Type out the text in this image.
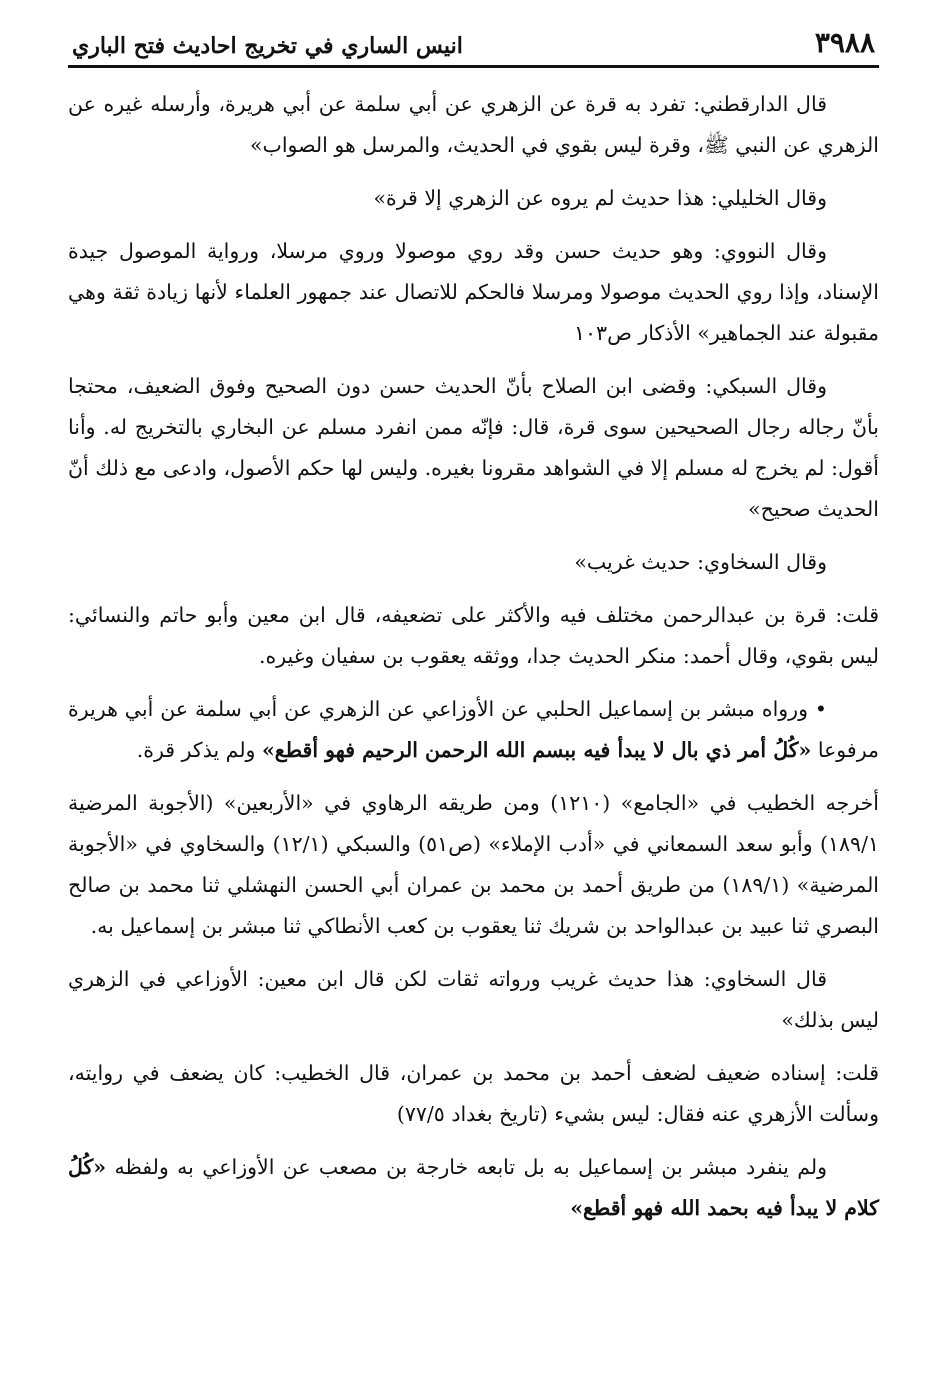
٣٩٨٨
انيس الساري في تخريج احاديث فتح الباري

قال الدارقطني: تفرد به قرة عن الزهري عن أبي سلمة عن أبي هريرة، وأرسله غيره عن الزهري عن النبي ﷺ، وقرة ليس بقوي في الحديث، والمرسل هو الصواب»

وقال الخليلي: هذا حديث لم يروه عن الزهري إلا قرة»

وقال النووي: وهو حديث حسن وقد روي موصولا وروي مرسلا، ورواية الموصول جيدة الإسناد، وإذا روي الحديث موصولا ومرسلا فالحكم للاتصال عند جمهور العلماء لأنها زيادة ثقة وهي مقبولة عند الجماهير» الأذكار ص١٠٣

وقال السبكي: وقضى ابن الصلاح بأنّ الحديث حسن دون الصحيح وفوق الضعيف، محتجا بأنّ رجاله رجال الصحيحين سوى قرة، قال: فإنّه ممن انفرد مسلم عن البخاري بالتخريج له. وأنا أقول: لم يخرج له مسلم إلا في الشواهد مقرونا بغيره. وليس لها حكم الأصول، وادعى مع ذلك أنّ الحديث صحيح»

وقال السخاوي: حديث غريب»

قلت: قرة بن عبدالرحمن مختلف فيه والأكثر على تضعيفه، قال ابن معين وأبو حاتم والنسائي: ليس بقوي، وقال أحمد: منكر الحديث جدا، ووثقه يعقوب بن سفيان وغيره.

• ورواه مبشر بن إسماعيل الحلبي عن الأوزاعي عن الزهري عن أبي سلمة عن أبي هريرة مرفوعا «كُلُ أمر ذي بال لا يبدأ فيه ببسم الله الرحمن الرحيم فهو أقطع» ولم يذكر قرة.

أخرجه الخطيب في «الجامع» (١٢١٠) ومن طريقه الرهاوي في «الأربعين» (الأجوبة المرضية ١٨٩/١) وأبو سعد السمعاني في «أدب الإملاء» (ص٥١) والسبكي (١٢/١) والسخاوي في «الأجوبة المرضية» (١٨٩/١) من طريق أحمد بن محمد بن عمران أبي الحسن النهشلي ثنا محمد بن صالح البصري ثنا عبيد بن عبدالواحد بن شريك ثنا يعقوب بن كعب الأنطاكي ثنا مبشر بن إسماعيل به.

قال السخاوي: هذا حديث غريب ورواته ثقات لكن قال ابن معين: الأوزاعي في الزهري ليس بذلك»

قلت: إسناده ضعيف لضعف أحمد بن محمد بن عمران، قال الخطيب: كان يضعف في روايته، وسألت الأزهري عنه فقال: ليس بشيء (تاريخ بغداد ٧٧/٥)

ولم ينفرد مبشر بن إسماعيل به بل تابعه خارجة بن مصعب عن الأوزاعي به ولفظه «كُلُ كلام لا يبدأ فيه بحمد الله فهو أقطع»
